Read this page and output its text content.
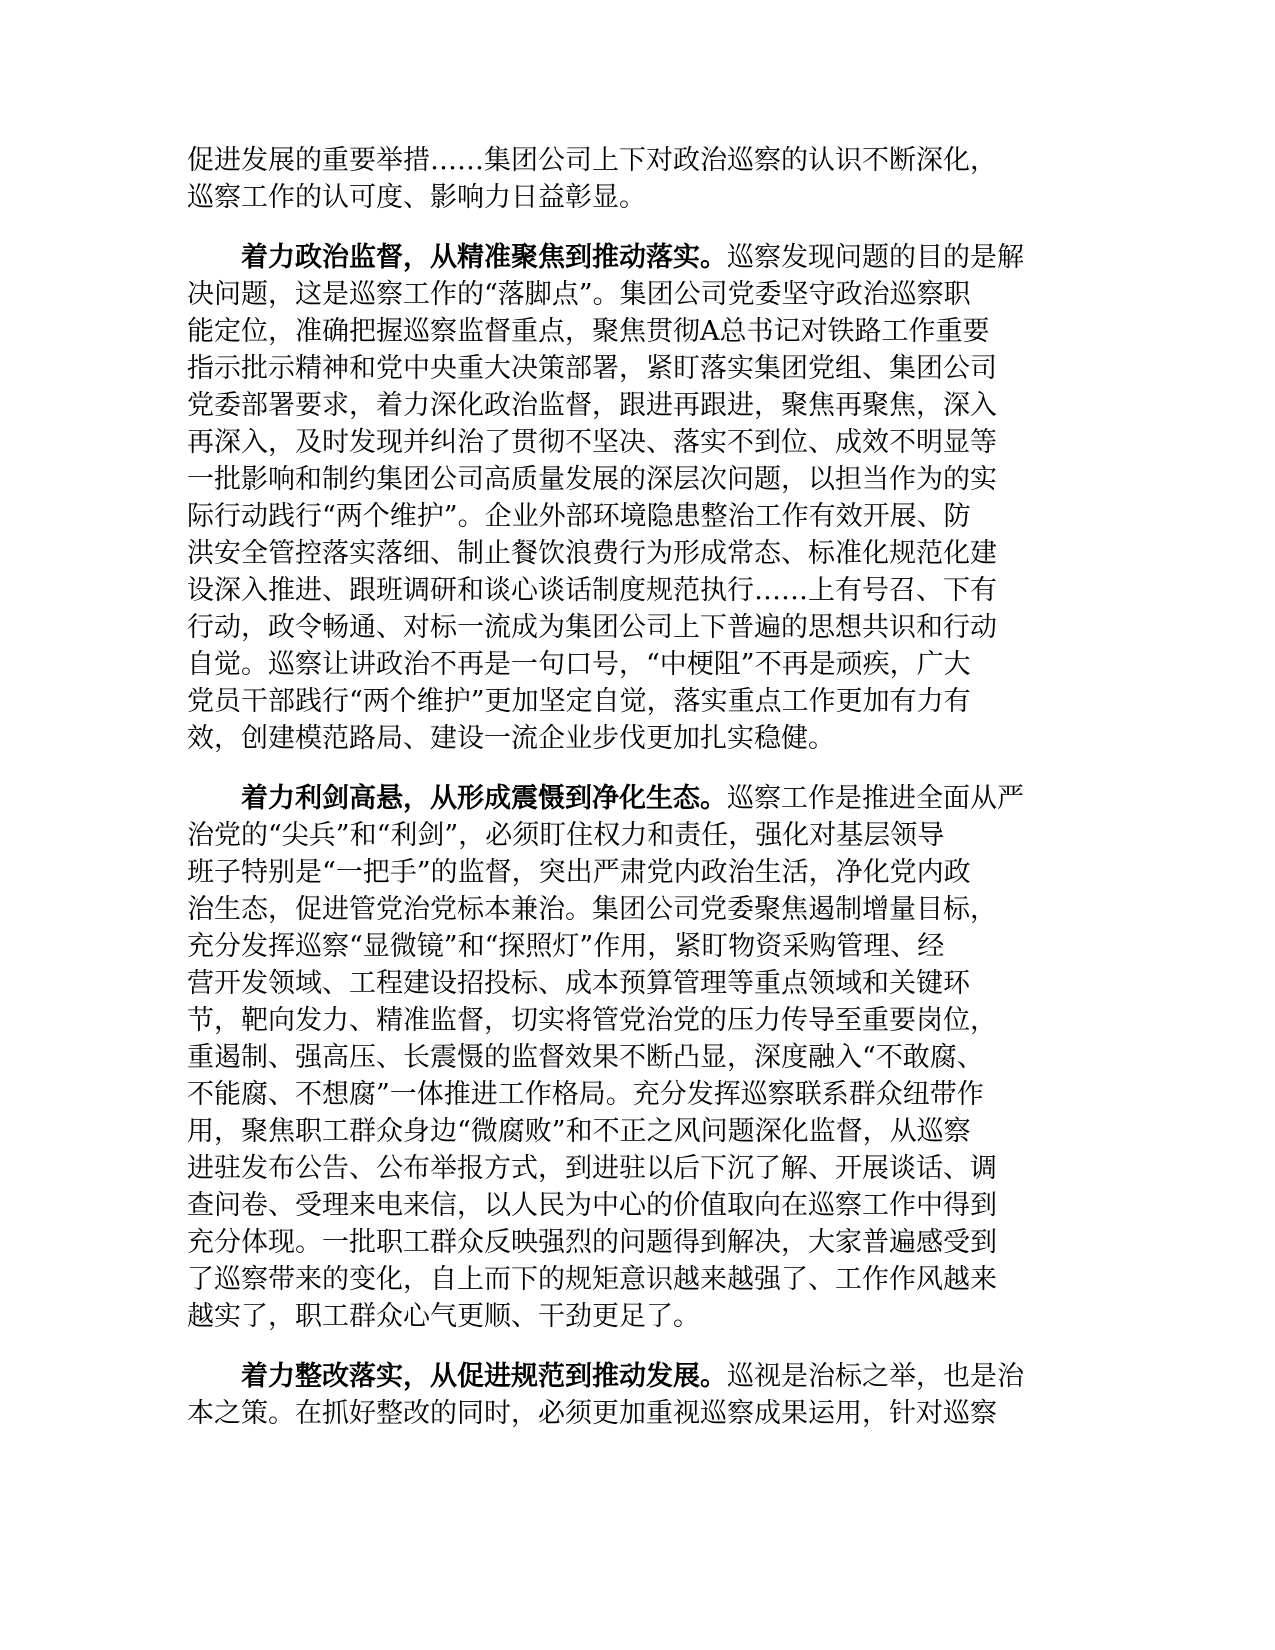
促进发展的重要举措……集团公司上下对政治巡察的认识不断深化，
巡察工作的认可度、影响力日益彰显。
着力政治监督，从精准聚焦到推动落实。巡察发现问题的目的是解
决问题，这是巡察工作的“落脚点”。集团公司党委坚守政治巡察职
能定位，准确把握巡察监督重点，聚焦贯彻A总书记对铁路工作重要
指示批示精神和党中央重大决策部署，紧盯落实集团党组、集团公司
党委部署要求，着力深化政治监督，跟进再跟进，聚焦再聚焦，深入
再深入，及时发现并纠治了贯彻不坚决、落实不到位、成效不明显等
一批影响和制约集团公司高质量发展的深层次问题，以担当作为的实
际行动践行“两个维护”。企业外部环境隐患整治工作有效开展、防
洪安全管控落实落细、制止餐饮浪费行为形成常态、标准化规范化建
设深入推进、跟班调研和谈心谈话制度规范执行……上有号召、下有
行动，政令畅通、对标一流成为集团公司上下普遍的思想共识和行动
自觉。巡察让讲政治不再是一句口号，“中梗阻”不再是顽疾，广大
党员干部践行“两个维护”更加坚定自觉，落实重点工作更加有力有
效，创建模范路局、建设一流企业步伐更加扎实稳健。
着力利剑高悬，从形成震慑到净化生态。巡察工作是推进全面从严
治党的“尖兵”和“利剑”，必须盯住权力和责任，强化对基层领导
班子特别是“一把手”的监督，突出严肃党内政治生活，净化党内政
治生态，促进管党治党标本兼治。集团公司党委聚焦遏制增量目标，
充分发挥巡察“显微镜”和“探照灯”作用，紧盯物资采购管理、经
营开发领域、工程建设招投标、成本预算管理等重点领域和关键环
节，靶向发力、精准监督，切实将管党治党的压力传导至重要岗位，
重遏制、强高压、长震慑的监督效果不断凸显，深度融入“不敢腐、
不能腐、不想腐”一体推进工作格局。充分发挥巡察联系群众纽带作
用，聚焦职工群众身边“微腐败”和不正之风问题深化监督，从巡察
进驻发布公告、公布举报方式，到进驻以后下沉了解、开展谈话、调
查问卷、受理来电来信，以人民为中心的价值取向在巡察工作中得到
充分体现。一批职工群众反映强烈的问题得到解决，大家普遍感受到
了巡察带来的变化，自上而下的规矩意识越来越强了、工作作风越来
越实了，职工群众心气更顺、干劲更足了。
着力整改落实，从促进规范到推动发展。巡视是治标之举，也是治
本之策。在抓好整改的同时，必须更加重视巡察成果运用，针对巡察
